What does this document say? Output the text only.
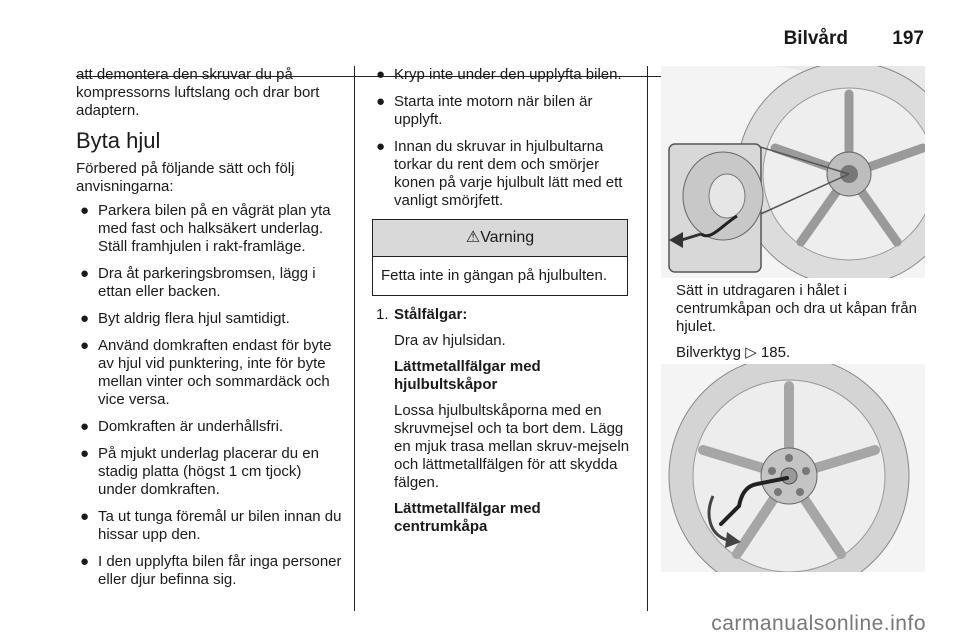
Bilvård 197

att demontera den skruvar du på kompressorns luftslang och drar bort adaptern.

Byta hjul

Förbered på följande sätt och följ anvisningarna:

● Parkera bilen på en vågrät plan yta med fast och halksäkert underlag. Ställ framhjulen i rakt-framläge.
● Dra åt parkeringsbromsen, lägg i ettan eller backen.
● Byt aldrig flera hjul samtidigt.
● Använd domkraften endast för byte av hjul vid punktering, inte för byte mellan vinter och sommardäck och vice versa.
● Domkraften är underhållsfri.
● På mjukt underlag placerar du en stadig platta (högst 1 cm tjock) under domkraften.
● Ta ut tunga föremål ur bilen innan du hissar upp den.
● I den upplyfta bilen får inga personer eller djur befinna sig.
● Kryp inte under den upplyfta bilen.
● Starta inte motorn när bilen är upplyft.
● Innan du skruvar in hjulbultarna torkar du rent dem och smörjer konen på varje hjulbult lätt med ett vanligt smörjfett.
⚠Varning
Fetta inte in gängan på hjulbulten.
1. Stålfälgar:

Dra av hjulsidan.

Lättmetallfälgar med hjulbultskåpor

Lossa hjulbultskåporna med en skruvmejsel och ta bort dem. Lägg en mjuk trasa mellan skruv-mejseln och lättmetallfälgen för att skydda fälgen.

Lättmetallfälgar med centrumkåpa

Sätt in utdragaren i hålet i centrumkåpan och dra ut kåpan från hjulet.

Bilverktyg ▷ 185.

carmanualsonline.info
